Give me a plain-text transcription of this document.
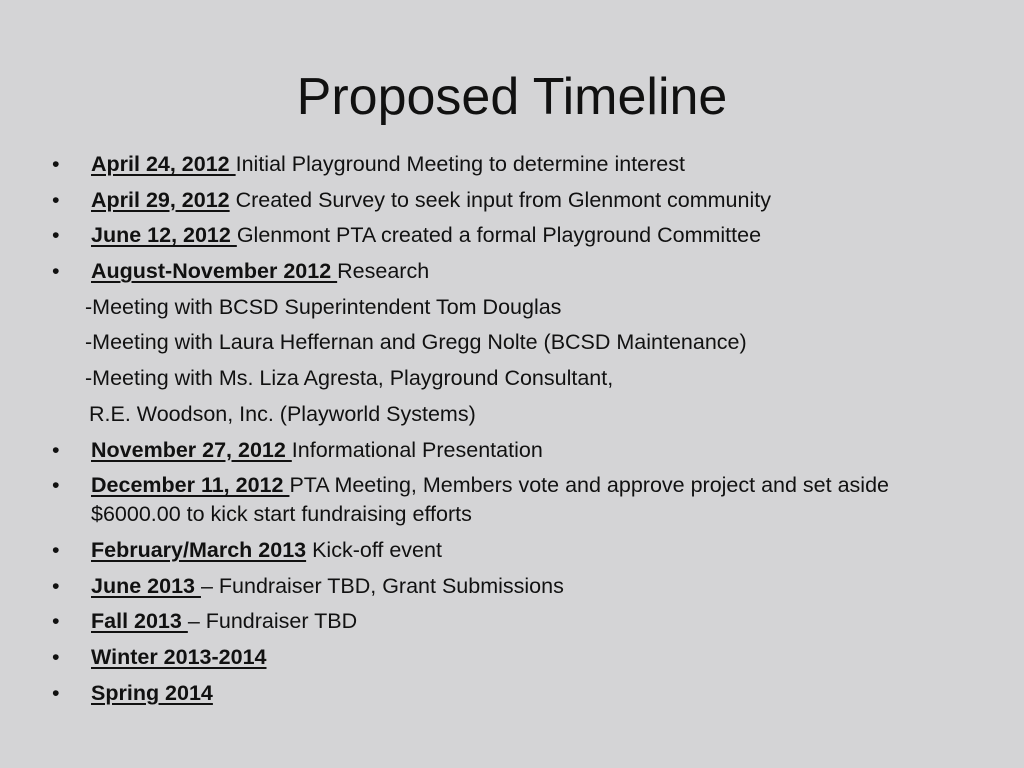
Proposed Timeline
•	April 24, 2012 Initial Playground Meeting to determine interest
•	April 29, 2012 Created Survey to seek input from Glenmont community
•	June 12, 2012 Glenmont PTA created a formal Playground Committee
•	August-November 2012 Research
-Meeting with BCSD Superintendent Tom Douglas
-Meeting with Laura Heffernan and Gregg Nolte (BCSD Maintenance)
-Meeting with Ms. Liza Agresta, Playground Consultant,
R.E. Woodson, Inc. (Playworld Systems)
•	November 27, 2012 Informational Presentation
•	December 11, 2012 PTA Meeting, Members vote and approve project and set aside $6000.00 to kick start fundraising efforts
•	February/March 2013 Kick-off event
•	June 2013 – Fundraiser TBD, Grant Submissions
•	Fall 2013 – Fundraiser TBD
•	Winter 2013-2014
•	Spring 2014
